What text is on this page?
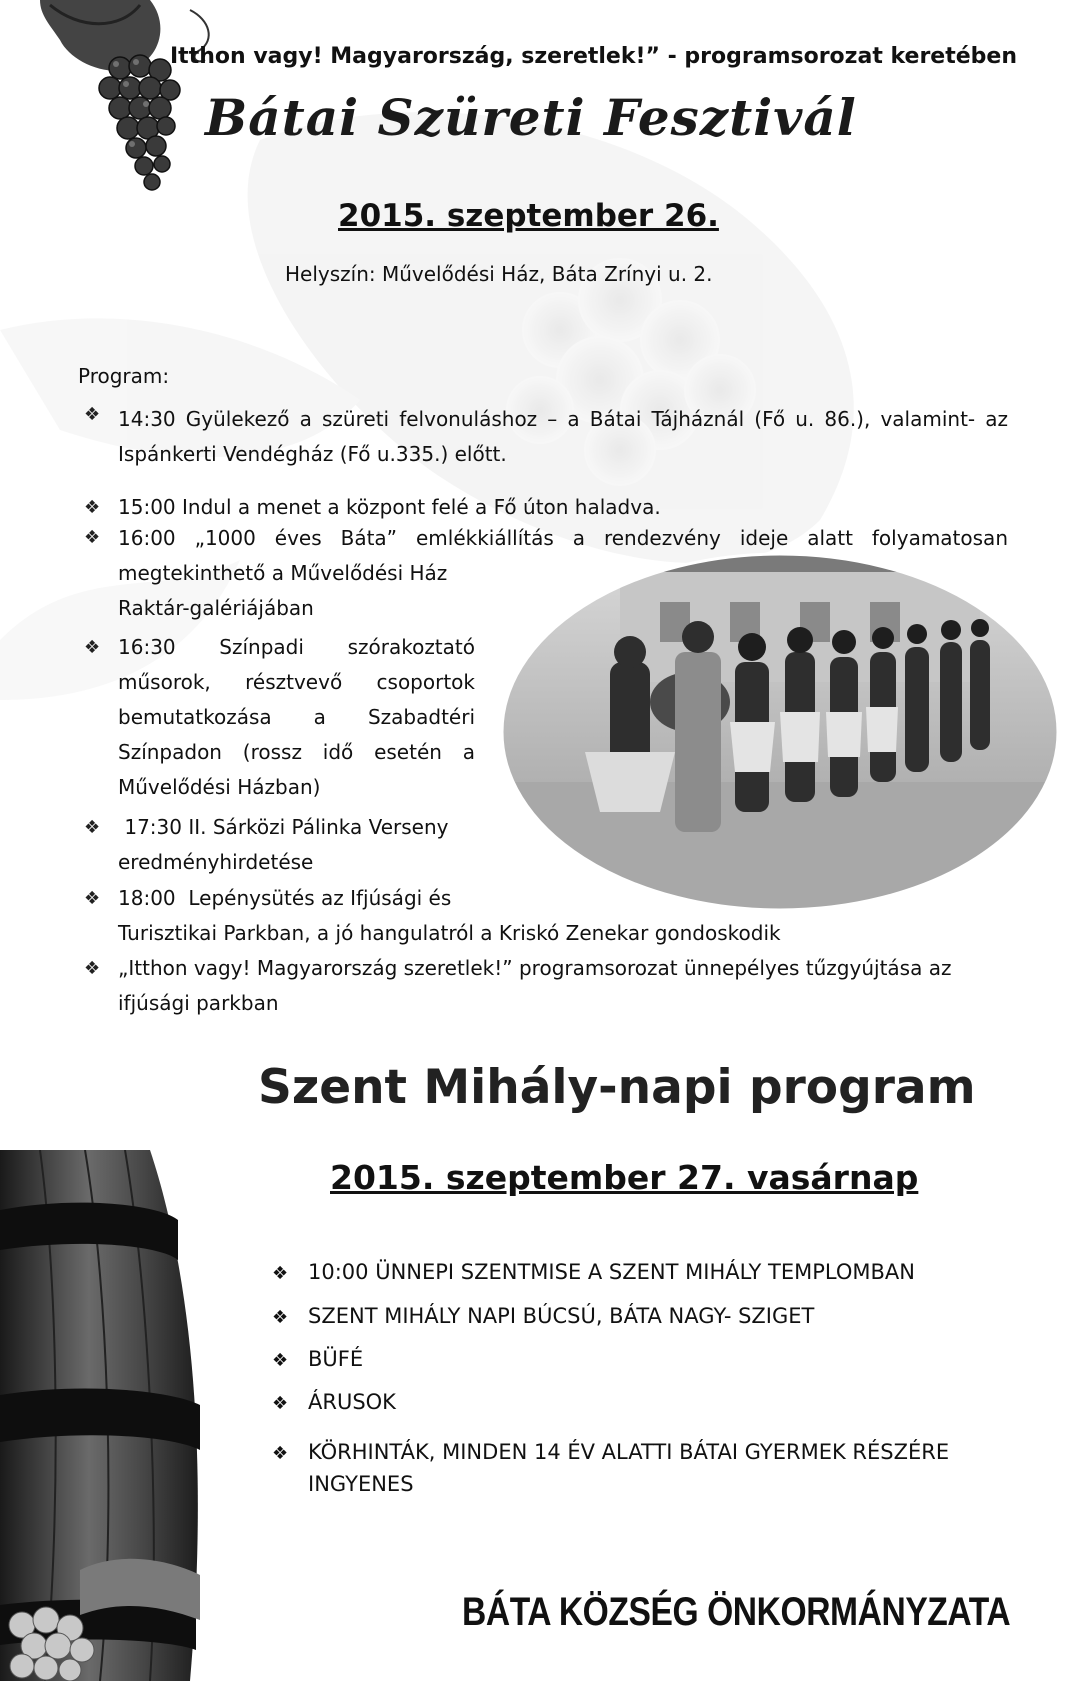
Itthon vagy! Magyarország, szeretlek!” - programsorozat keretében
Bátai Szüreti Fesztivál
2015. szeptember 26.
Helyszín: Művelődési Ház, Báta Zrínyi u. 2.
Program:
❖ 14:30 Gyülekező a szüreti felvonuláshoz – a Bátai Tájháznál (Fő u. 86.), valamint- az
Ispánkerti Vendégház (Fő u.335.) előtt.
❖ 15:00 Indul a menet a központ felé a Fő úton haladva.
❖ 16:00 „1000 éves Báta” emlékkiállítás a rendezvény ideje alatt folyamatosan
megtekinthető a Művelődési Ház
Raktár-galériájában
❖ 16:30 Színpadi szórakoztató
műsorok, résztvevő csoportok
bemutatkozása a Szabadtéri
Színpadon (rossz idő esetén a
Művelődési Házban)
❖ 17:30 II. Sárközi Pálinka Verseny
eredményhirdetése
❖ 18:00  Lepénysütés az Ifjúsági és
Turisztikai Parkban, a jó hangulatról a Kriskó Zenekar gondoskodik
❖ „Itthon vagy! Magyarország szeretlek!” programsorozat ünnepélyes tűzgyújtása az
ifjúsági parkban
Szent Mihály-napi program
2015. szeptember 27. vasárnap
❖ 10:00 ÜNNEPI SZENTMISE A SZENT MIHÁLY TEMPLOMBAN
❖ SZENT MIHÁLY NAPI BÚCSÚ, BÁTA NAGY- SZIGET
❖ BÜFÉ
❖ ÁRUSOK
❖ KÖRHINTÁK, MINDEN 14 ÉV ALATTI BÁTAI GYERMEK RÉSZÉRE
INGYENES
BÁTA KÖZSÉG ÖNKORMÁNYZATA
